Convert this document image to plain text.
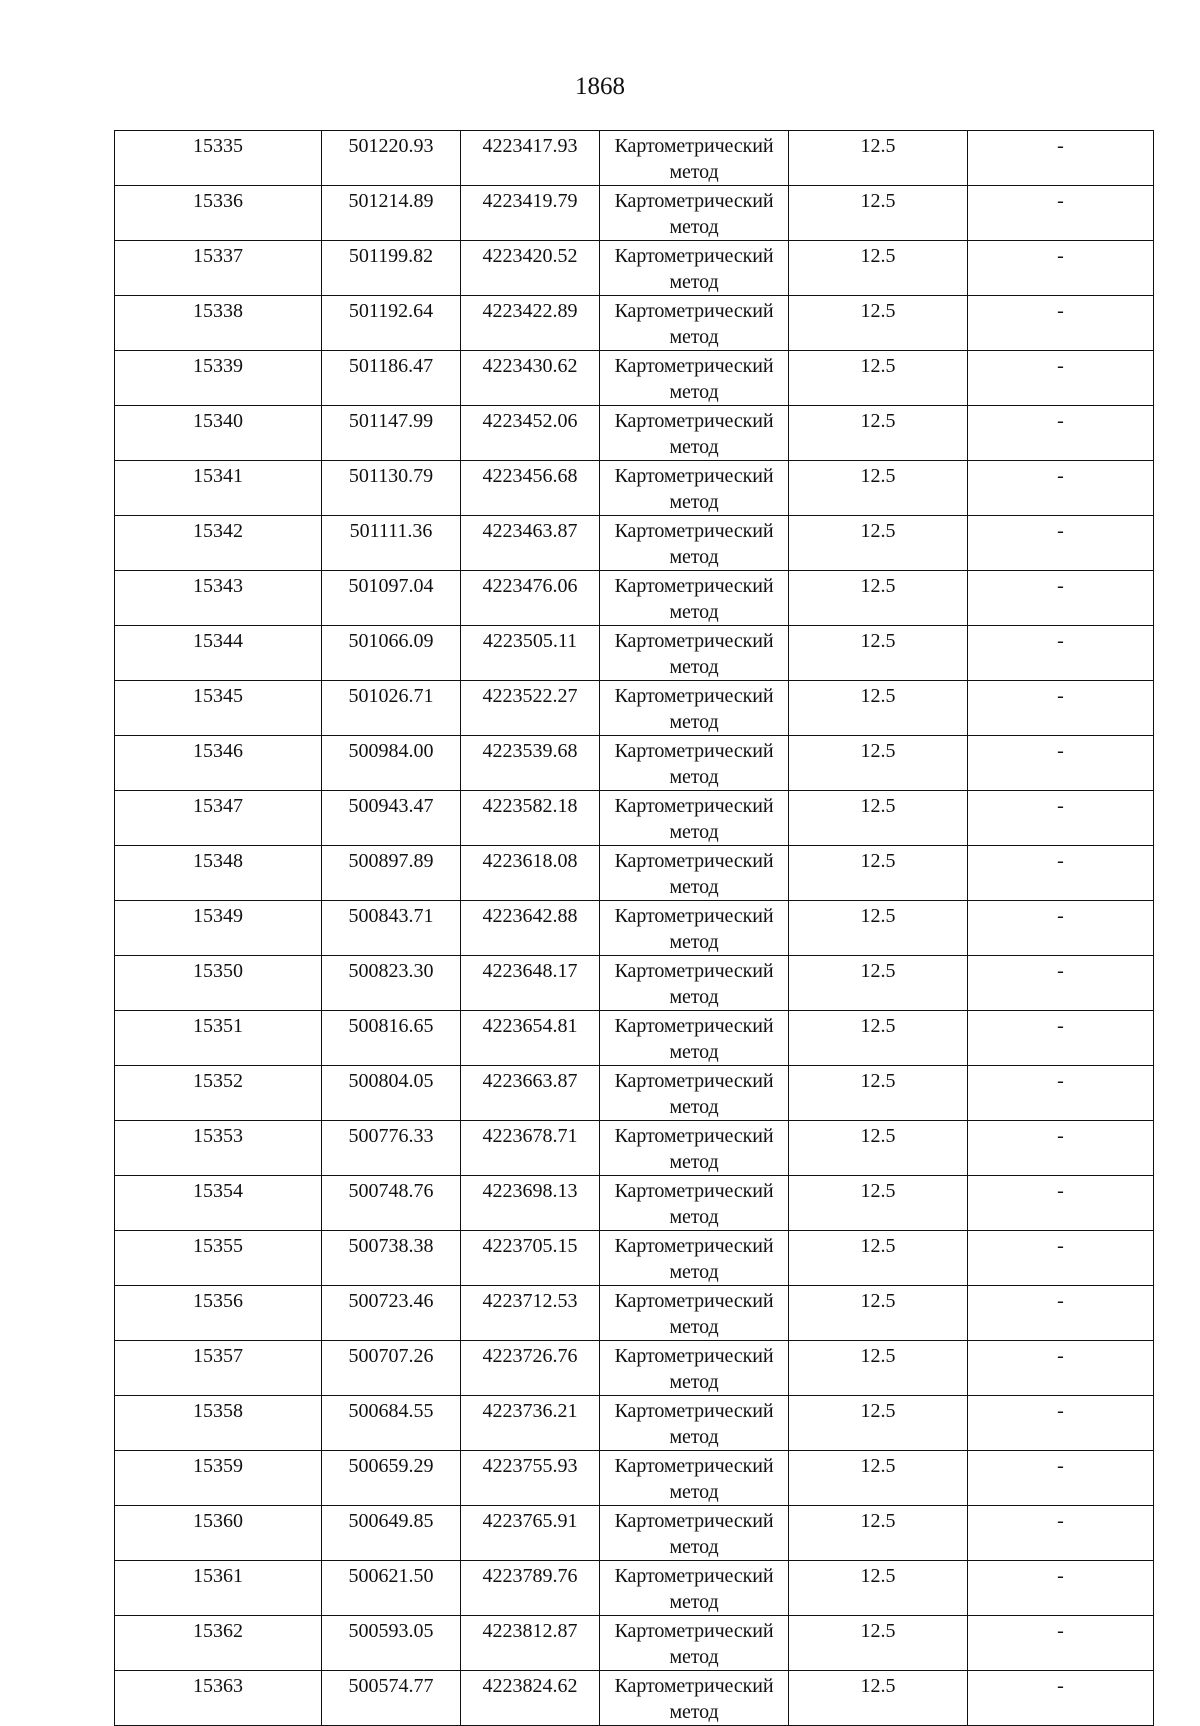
1868
15335	501220.93	4223417.93	Картометрический метод	12.5	-

15336	501214.89	4223419.79	Картометрический метод	12.5	-

15337	501199.82	4223420.52	Картометрический метод	12.5	-

15338	501192.64	4223422.89	Картометрический метод	12.5	-

15339	501186.47	4223430.62	Картометрический метод	12.5	-

15340	501147.99	4223452.06	Картометрический метод	12.5	-

15341	501130.79	4223456.68	Картометрический метод	12.5	-

15342	501111.36	4223463.87	Картометрический метод	12.5	-

15343	501097.04	4223476.06	Картометрический метод	12.5	-

15344	501066.09	4223505.11	Картометрический метод	12.5	-

15345	501026.71	4223522.27	Картометрический метод	12.5	-

15346	500984.00	4223539.68	Картометрический метод	12.5	-

15347	500943.47	4223582.18	Картометрический метод	12.5	-

15348	500897.89	4223618.08	Картометрический метод	12.5	-

15349	500843.71	4223642.88	Картометрический метод	12.5	-

15350	500823.30	4223648.17	Картометрический метод	12.5	-

15351	500816.65	4223654.81	Картометрический метод	12.5	-

15352	500804.05	4223663.87	Картометрический метод	12.5	-

15353	500776.33	4223678.71	Картометрический метод	12.5	-

15354	500748.76	4223698.13	Картометрический метод	12.5	-

15355	500738.38	4223705.15	Картометрический метод	12.5	-

15356	500723.46	4223712.53	Картометрический метод	12.5	-

15357	500707.26	4223726.76	Картометрический метод	12.5	-

15358	500684.55	4223736.21	Картометрический метод	12.5	-

15359	500659.29	4223755.93	Картометрический метод	12.5	-

15360	500649.85	4223765.91	Картометрический метод	12.5	-

15361	500621.50	4223789.76	Картометрический метод	12.5	-

15362	500593.05	4223812.87	Картометрический метод	12.5	-

15363	500574.77	4223824.62	Картометрический метод	12.5	-
